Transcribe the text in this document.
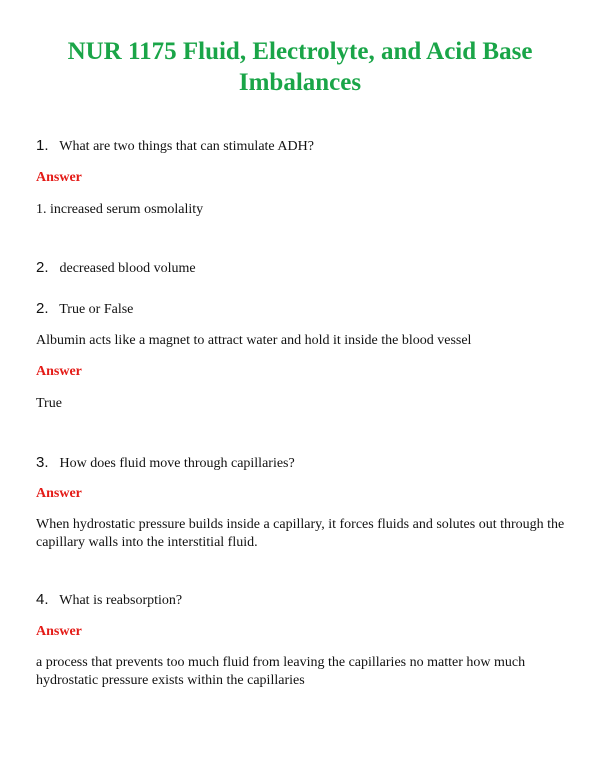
NUR 1175 Fluid, Electrolyte, and Acid Base
Imbalances
1. What are two things that can stimulate ADH?
Answer
1. increased serum osmolality
2. decreased blood volume
2. True or False
Albumin acts like a magnet to attract water and hold it inside the blood vessel
Answer
True
3. How does fluid move through capillaries?
Answer
When hydrostatic pressure builds inside a capillary, it forces fluids and solutes out through the capillary walls into the interstitial fluid.
4. What is reabsorption?
Answer
a process that prevents too much fluid from leaving the capillaries no matter how much hydrostatic pressure exists within the capillaries
